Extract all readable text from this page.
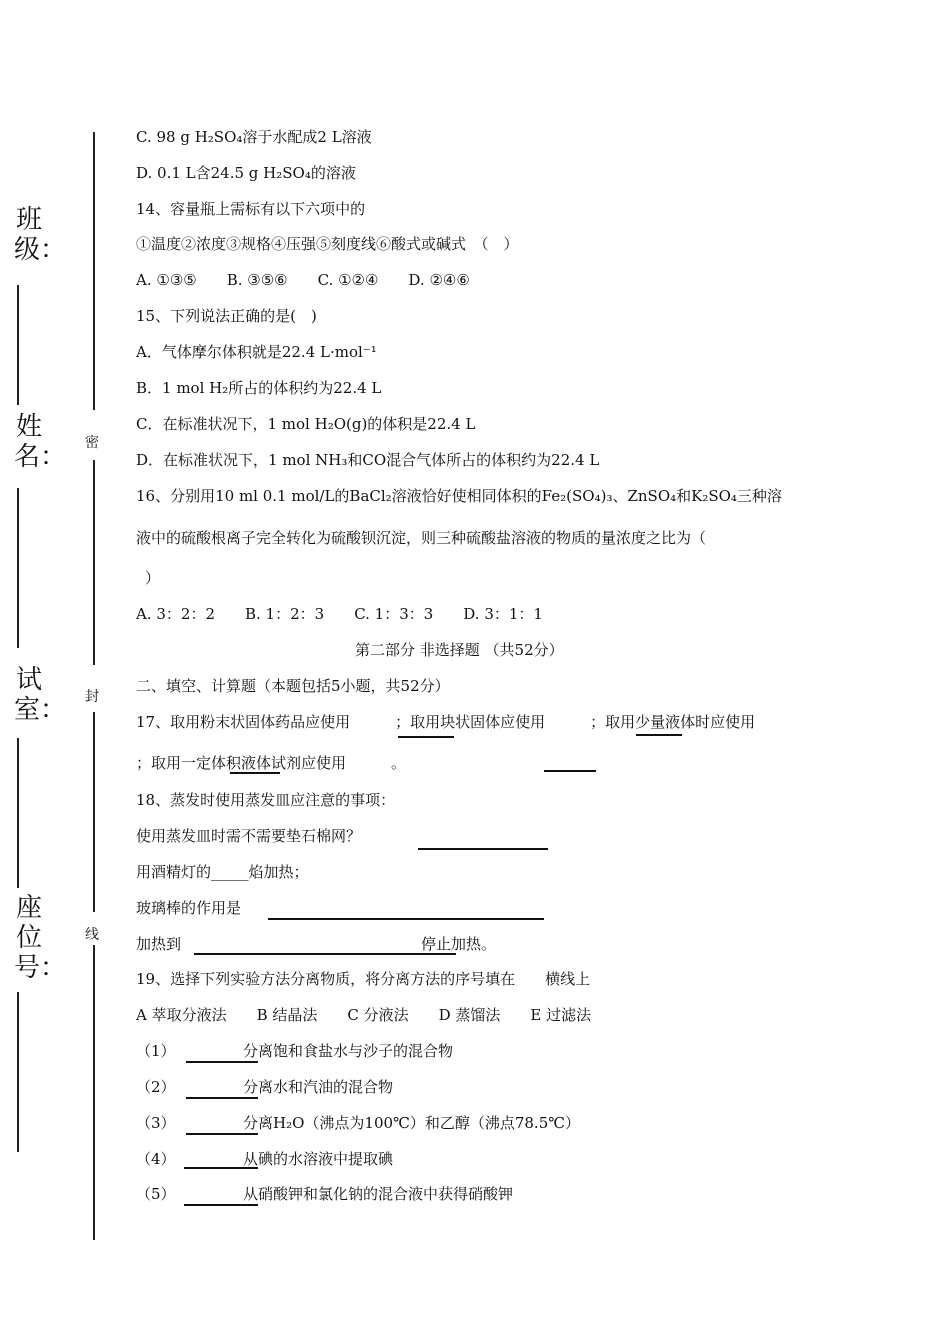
密
封
线
班级：
姓名：
试室：
座位号：
C. 98 g H₂SO₄溶于水配成2 L溶液
D. 0.1 L含24.5 g H₂SO₄的溶液
14、容量瓶上需标有以下六项中的
①温度②浓度③规格④压强⑤刻度线⑥酸式或碱式　（　）
A. ①③⑤　　B. ③⑤⑥　　C. ①②④　　D. ②④⑥
15、下列说法正确的是(　)
A．气体摩尔体积就是22.4 L·mol⁻¹
B．1 mol H₂所占的体积约为22.4 L
C．在标准状况下，1 mol H₂O(g)的体积是22.4 L
D．在标准状况下，1 mol NH₃和CO混合气体所占的体积约为22.4 L
16、分别用10 ml 0.1 mol/L的BaCl₂溶液恰好使相同体积的Fe₂(SO₄)₃、ZnSO₄和K₂SO₄三种溶
液中的硫酸根离子完全转化为硫酸钡沉淀，则三种硫酸盐溶液的物质的量浓度之比为（
）
A. 3：2：2　　B. 1：2：3　　C. 1：3：3　　D. 3：1：1
第二部分 非选择题 （共52分）
二、填空、计算题（本题包括5小题，共52分）
17、取用粉末状固体药品应使用　　　；取用块状固体应使用　　　；取用少量液体时应使用
；取用一定体积液体试剂应使用　　　。
18、蒸发时使用蒸发皿应注意的事项：
使用蒸发皿时需不需要垫石棉网？
用酒精灯的_____焰加热；
玻璃棒的作用是
加热到　　　　　　　　　　　　　　　　停止加热。
19、选择下列实验方法分离物质，将分离方法的序号填在　　横线上
A 萃取分液法　　B 结晶法　　C 分液法　　D 蒸馏法　　E 过滤法
（1）　　　　　分离饱和食盐水与沙子的混合物
（2）　　　　　分离水和汽油的混合物
（3）　　　　　分离H₂O（沸点为100℃）和乙醇（沸点78.5℃）
（4）　　　　　从碘的水溶液中提取碘
（5）　　　　　从硝酸钾和氯化钠的混合液中获得硝酸钾
